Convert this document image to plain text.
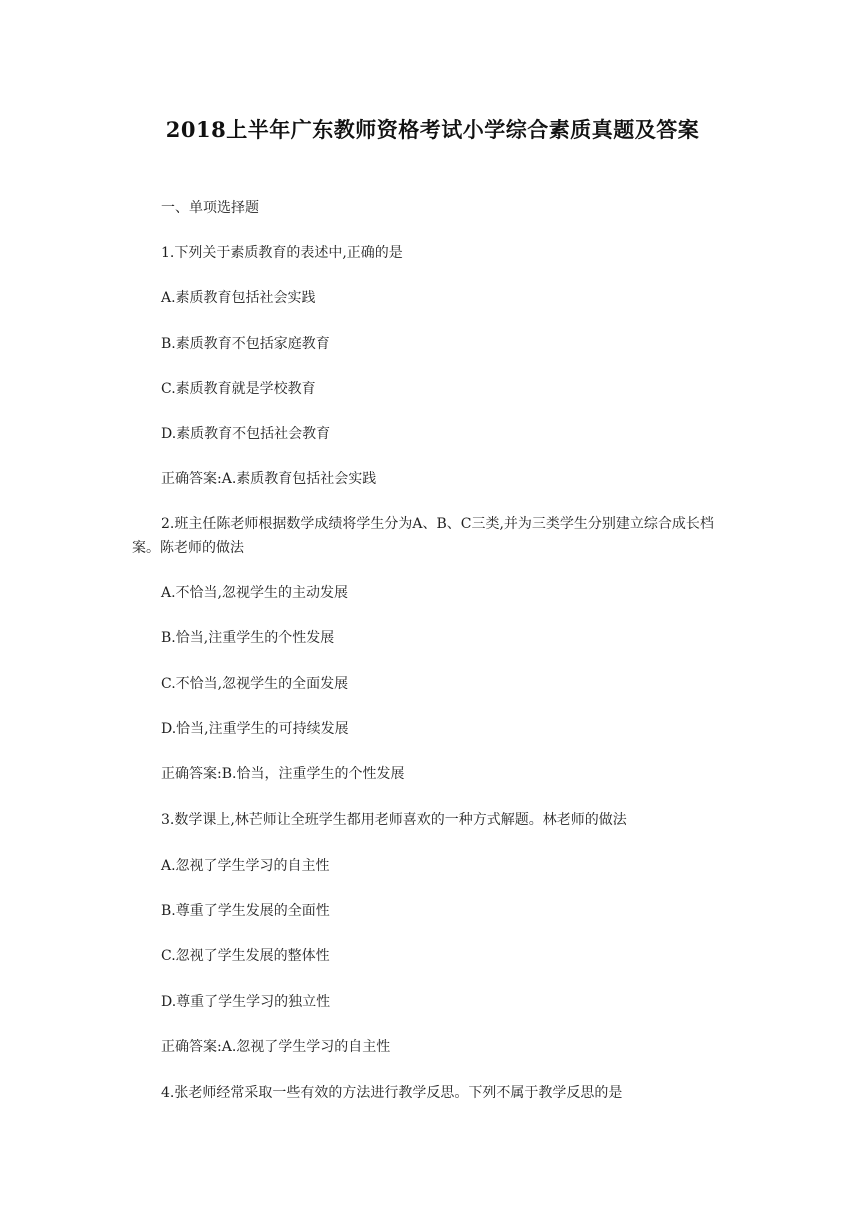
2018上半年广东教师资格考试小学综合素质真题及答案
一、单项选择题
1.下列关于素质教育的表述中,正确的是
A.素质教育包括社会实践
B.素质教育不包括家庭教育
C.素质教育就是学校教育
D.素质教育不包括社会教育
正确答案:A.素质教育包括社会实践
2.班主任陈老师根据数学成绩将学生分为A、B、C三类,并为三类学生分别建立综合成长档案。陈老师的做法
A.不恰当,忽视学生的主动发展
B.恰当,注重学生的个性发展
C.不恰当,忽视学生的全面发展
D.恰当,注重学生的可持续发展
正确答案:B.恰当，注重学生的个性发展
3.数学课上,林芒师让全班学生都用老师喜欢的一种方式解题。林老师的做法
A.忽视了学生学习的自主性
B.尊重了学生发展的全面性
C.忽视了学生发展的整体性
D.尊重了学生学习的独立性
正确答案:A.忽视了学生学习的自主性
4.张老师经常采取一些有效的方法进行教学反思。下列不属于教学反思的是
